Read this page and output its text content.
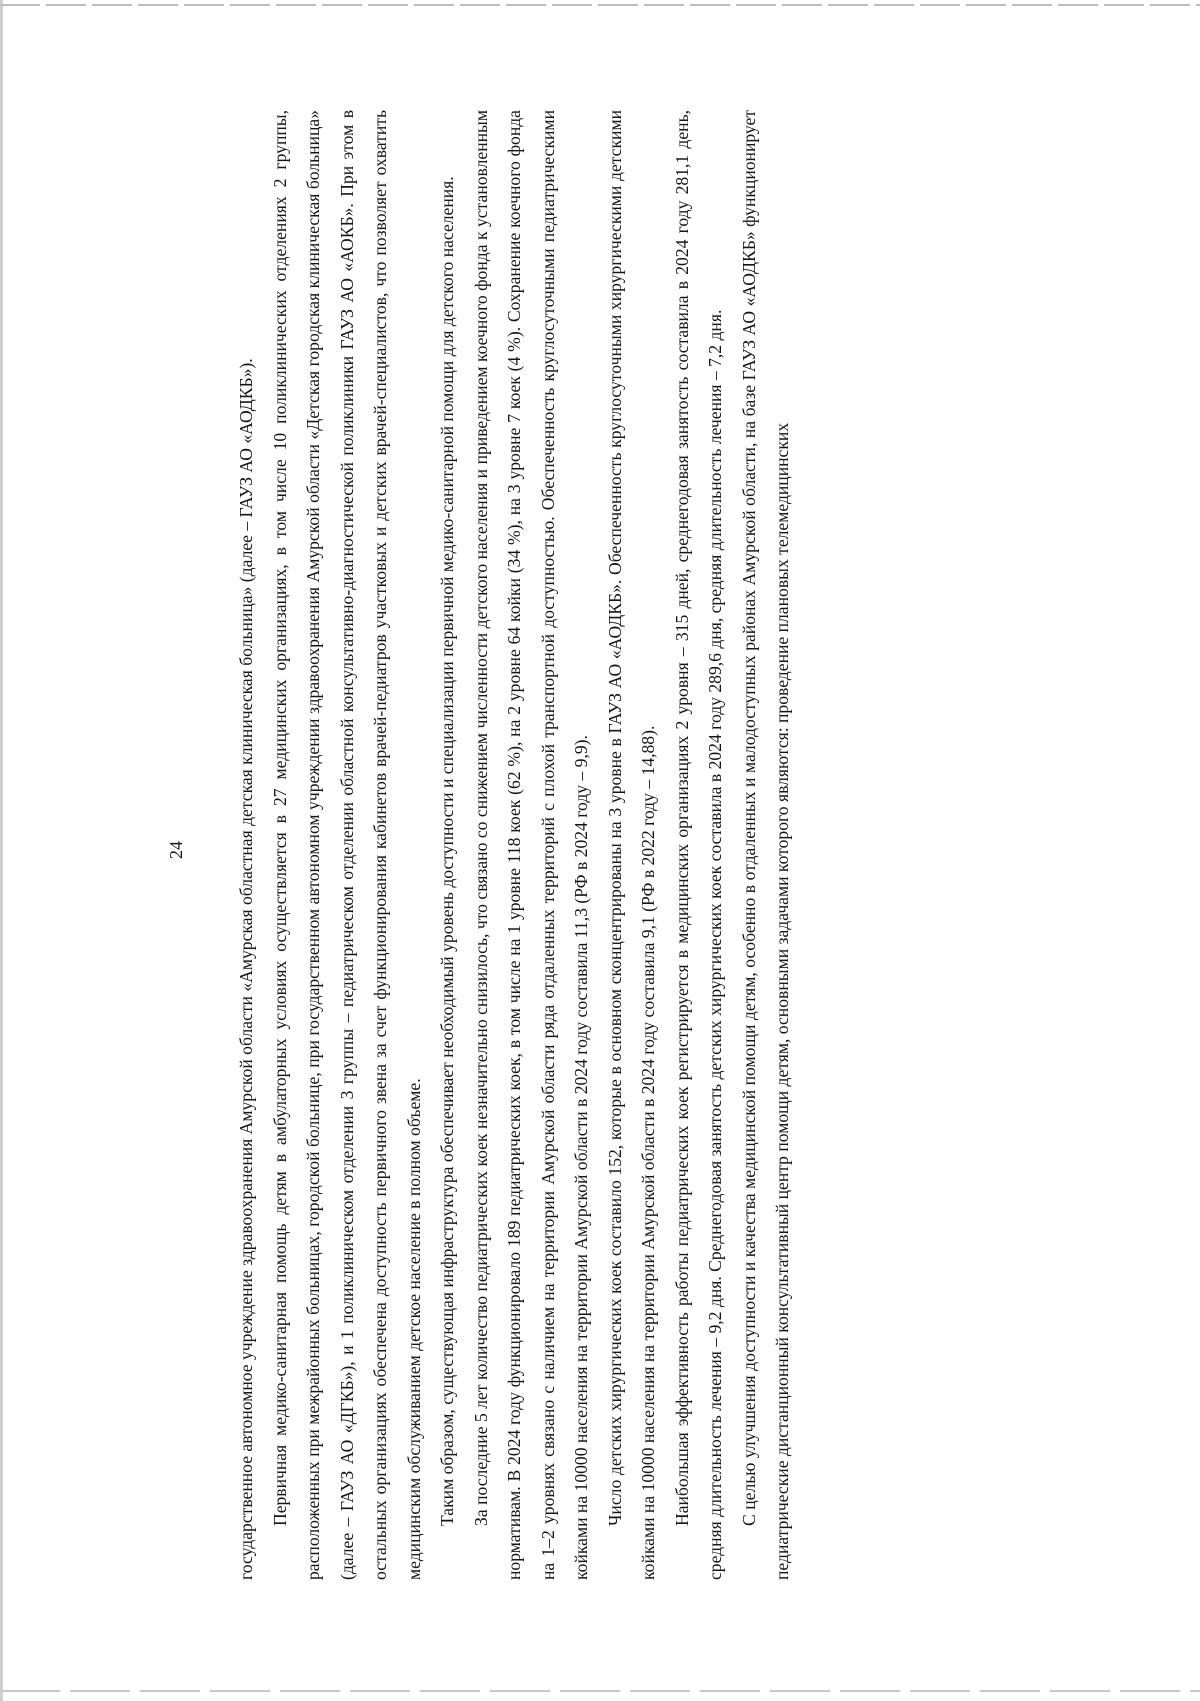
24	государственное автономное учреждение здравоохранения Амурской области «Амурская областная детская клиническая больница» (далее – ГАУЗ АО «АОДКБ»). Первичная медико-санитарная помощь детям в амбулаторных условиях осуществляется в 27 медицинских организациях, в том числе 10 поликлинических отделениях 2 группы, расположенных при межрайонных больницах, городской больнице, при государственном автономном учреждении здравоохранения Амурской области «Детская городская клиническая больница» (далее – ГАУЗ АО «ДГКБ»), и 1 поликлиническом отделении 3 группы – педиатрическом отделении областной консультативно-диагностической поликлиники ГАУЗ АО «АОКБ». При этом в остальных организациях обеспечена доступность первичного звена за счет функционирования кабинетов врачей-педиатров участковых и детских врачей-специалистов, что позволяет охватить медицинским обслуживанием детское население в полном объеме. Таким образом, существующая инфраструктура обеспечивает необходимый уровень доступности и специализации первичной медико-санитарной помощи для детского населения. За последние 5 лет количество педиатрических коек незначительно снизилось, что связано со снижением численности детского населения и приведением коечного фонда к установленным нормативам. В 2024 году функционировало 189 педиатрических коек, в том числе на 1 уровне 118 коек (62 %), на 2 уровне 64 койки (34 %), на 3 уровне 7 коек (4 %). Сохранение коечного фонда на 1–2 уровнях связано с наличием на территории Амурской области ряда отдаленных территорий с плохой транспортной доступностью. Обеспеченность круглосуточными педиатрическими койками на 10000 населения на территории Амурской области в 2024 году составила 11,3 (РФ в 2024 году – 9,9). Число детских хирургических коек составило 152, которые в основном сконцентрированы на 3 уровне в ГАУЗ АО «АОДКБ». Обеспеченность круглосуточными хирургическими детскими койками на 10000 населения на территории Амурской области в 2024 году составила 9,1 (РФ в 2022 году – 14,88). Наибольшая эффективность работы педиатрических коек регистрируется в медицинских организациях 2 уровня – 315 дней, среднегодовая занятость составила в 2024 году 281,1 день, средняя длительность лечения – 9,2 дня. Среднегодовая занятость детских хирургических коек составила в 2024 году 289,6 дня, средняя длительность лечения – 7,2 дня. С целью улучшения доступности и качества медицинской помощи детям, особенно в отдаленных и малодоступных районах Амурской области, на базе ГАУЗ АО «АОДКБ» функционирует педиатрические дистанционный консультативный центр помощи детям, основными задачами которого являются: проведение плановых телемедицинских
